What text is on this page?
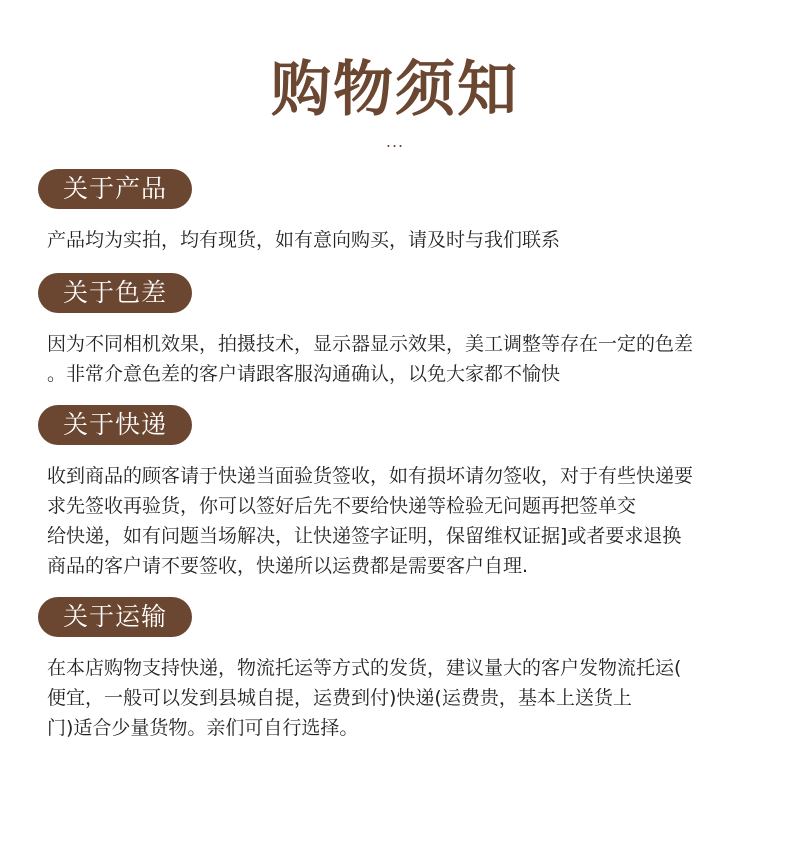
购物须知
...
关于产品
产品均为实拍，均有现货，如有意向购买，请及时与我们联系
关于色差
因为不同相机效果，拍摄技术，显示器显示效果，美工调整等存在一定的色差
。非常介意色差的客户请跟客服沟通确认，以免大家都不愉快
关于快递
收到商品的顾客请于快递当面验货签收，如有损坏请勿签收，对于有些快递要
求先签收再验货，你可以签好后先不要给快递等检验无问题再把签单交
给快递，如有问题当场解决，让快递签字证明，保留维权证据]或者要求退换
商品的客户请不要签收，快递所以运费都是需要客户自理.
关于运输
在本店购物支持快递，物流托运等方式的发货，建议量大的客户发物流托运(
便宜，一般可以发到县城自提，运费到付)快递(运费贵，基本上送货上
门)适合少量货物。亲们可自行选择。
